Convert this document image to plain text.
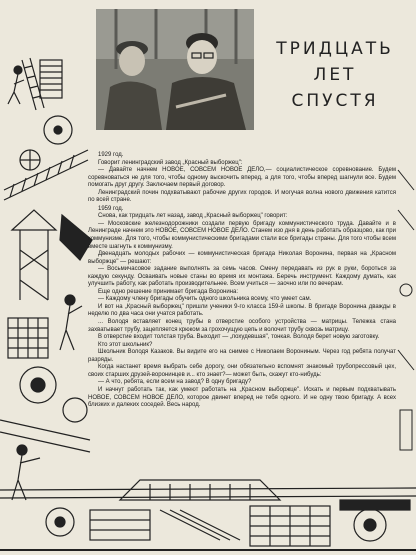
ТРИДЦАТЬ
ЛЕТ
СПУСТЯ

1929 год.

Говорит ленинградский завод „Красный выборжец":

— Давайте начнем НОВОЕ, СОВСЕМ НОВОЕ ДЕЛО,— социалистическое соревнование. Будем соревноваться не для того, чтобы одному выскочить вперед, а для того, чтобы вперед шагнули все. Будем помогать друг другу. Заключаем первый договор.

Ленинградский почин подхватывают рабочие других городов. И могучая волна нового движения катится по всей стране.

1959 год.

Снова, как тридцать лет назад, завод „Красный выборжец" говорит:

— Московские железнодорожники создали первую бригаду коммунистического труда. Давайте и в Ленинграде начнем это НОВОЕ, СОВСЕМ НОВОЕ ДЕЛО. Станем изо дня в день работать образцово, как при коммунизме. Для того, чтобы коммунистическими бригадами стали все бригады страны. Для того чтобы всем вместе шагнуть к коммунизму.

Двенадцать молодых рабочих — коммунистическая бригада Николая Воронина, первая на „Красном выборжце" — решают:

— Восьмичасовое задание выполнять за семь часов. Смену передавать из рук в руки, бороться за каждую секунду. Осваивать новые станы во время их монтажа. Беречь инструмент. Каждому думать, как улучшить работу, как работать производительнее. Всем учиться — заочно или по вечерам.

Еще одно решение принимает бригада Воронина:

— Каждому члену бригады обучить одного школьника всему, что умеет сам.

И вот на „Красный выборжец" пришли ученики 9-го класса 159-й школы. В бригаде Воронина дважды в неделю по два часа они учатся работать.

... Володя вставляет конец трубы в отверстие особого устройства — матрицы. Тележка стана захватывает трубу, зацепляется крюком за грохочущую цепь и волочит трубу сквозь матрицу.

В отверстие входит толстая труба. Выходит — „похудевшая", тонкая. Володя берет новую заготовку.

Кто этот школьник?

Школьник Володя Казаков. Вы видите его на снимке с Николаем Ворониным. Через год ребята получат разряды.

Когда настанет время выбрать себе дорогу, они обязательно вспомнят знакомый трубопрессовый цех, своих старших друзей-воронинцев и... кто знает?— может быть, скажут кто-нибудь:

— А что, ребята, если всем на завод? В одну бригаду?

И начнут работать так, как умеют работать на „Красном выборжце". Искать и первым подхватывать НОВОЕ, СОВСЕМ НОВОЕ ДЕЛО, которое двинет вперед не тебя одного. И не одну твою бригаду. А всех близких и далеких соседей. Весь народ.
